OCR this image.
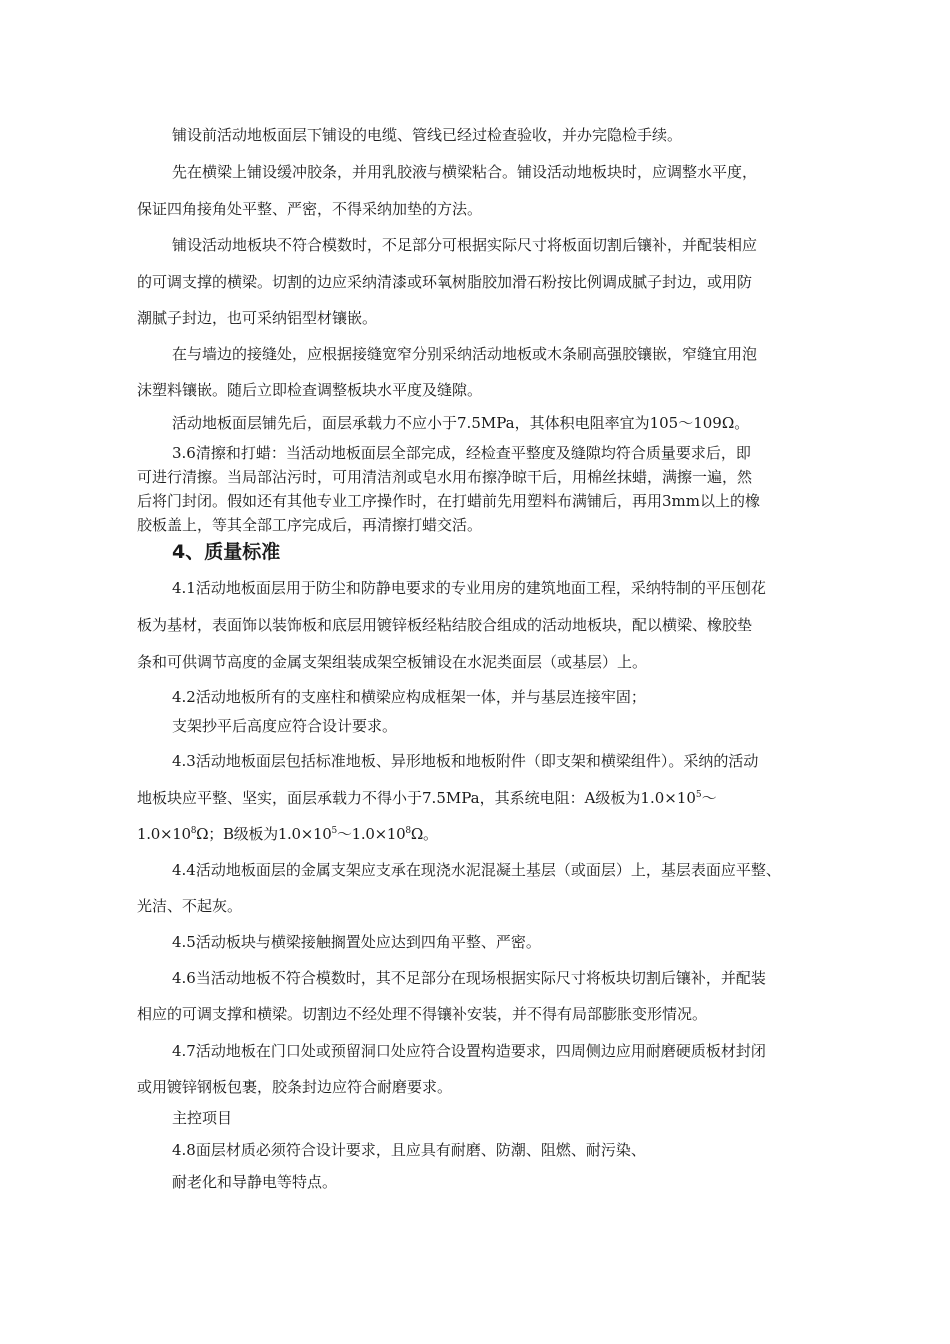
铺设前活动地板面层下铺设的电缆、管线已经过检查验收，并办完隐检手续。
先在横梁上铺设缓冲胶条，并用乳胶液与横梁粘合。铺设活动地板块时，应调整水平度，
保证四角接角处平整、严密，不得采纳加垫的方法。
铺设活动地板块不符合模数时，不足部分可根据实际尺寸将板面切割后镶补，并配装相应
的可调支撑的横梁。切割的边应采纳清漆或环氧树脂胶加滑石粉按比例调成腻子封边，或用防
潮腻子封边，也可采纳铝型材镶嵌。
在与墙边的接缝处，应根据接缝宽窄分别采纳活动地板或木条刷高强胶镶嵌，窄缝宜用泡
沫塑料镶嵌。随后立即检查调整板块水平度及缝隙。
活动地板面层铺先后，面层承载力不应小于7.5MPa，其体积电阻率宜为105～109Ω。
3.6清擦和打蜡：当活动地板面层全部完成，经检查平整度及缝隙均符合质量要求后，即
可进行清擦。当局部沾污时，可用清洁剂或皂水用布擦净晾干后，用棉丝抹蜡，满擦一遍，然
后将门封闭。假如还有其他专业工序操作时，在打蜡前先用塑料布满铺后，再用3mm以上的橡
胶板盖上，等其全部工序完成后，再清擦打蜡交活。
4、质量标准
4.1活动地板面层用于防尘和防静电要求的专业用房的建筑地面工程，采纳特制的平压刨花
板为基材，表面饰以装饰板和底层用镀锌板经粘结胶合组成的活动地板块，配以横梁、橡胶垫
条和可供调节高度的金属支架组装成架空板铺设在水泥类面层（或基层）上。
4.2活动地板所有的支座柱和横梁应构成框架一体，并与基层连接牢固；
支架抄平后高度应符合设计要求。
4.3活动地板面层包括标准地板、异形地板和地板附件（即支架和横梁组件）。采纳的活动
地板块应平整、坚实，面层承载力不得小于7.5MPa，其系统电阻：A级板为$1.0\times 10^5\sim$
$1.0\times 10^8\Omega$；B级板为$1.0\times 10^5\sim 1.0\times 10^8\Omega$。
4.4活动地板面层的金属支架应支承在现浇水泥混凝土基层（或面层）上，基层表面应平整、
光洁、不起灰。
4.5活动板块与横梁接触搁置处应达到四角平整、严密。
4.6当活动地板不符合模数时，其不足部分在现场根据实际尺寸将板块切割后镶补，并配装
相应的可调支撑和横梁。切割边不经处理不得镶补安装，并不得有局部膨胀变形情况。
4.7活动地板在门口处或预留洞口处应符合设置构造要求，四周侧边应用耐磨硬质板材封闭
或用镀锌钢板包裹，胶条封边应符合耐磨要求。
主控项目
4.8面层材质必须符合设计要求，且应具有耐磨、防潮、阻燃、耐污染、
耐老化和导静电等特点。
